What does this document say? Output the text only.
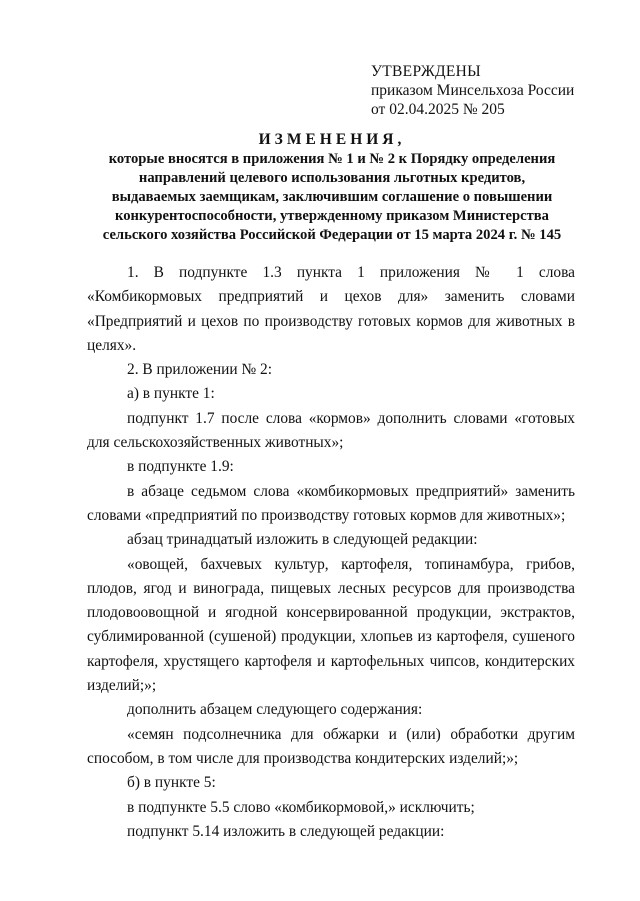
УТВЕРЖДЕНЫ
приказом Минсельхоза России
от 02.04.2025 № 205
ИЗМЕНЕНИЯ,
которые вносятся в приложения № 1 и № 2 к Порядку определения
направлений целевого использования льготных кредитов,
выдаваемых заемщикам, заключившим соглашение о повышении
конкурентоспособности, утвержденному приказом Министерства
сельского хозяйства Российской Федерации от 15 марта 2024 г. № 145

1. В подпункте 1.3 пункта 1 приложения № 1 слова «Комбикормовых предприятий и цехов для» заменить словами «Предприятий и цехов по производству готовых кормов для животных в целях».

2. В приложении № 2:

а) в пункте 1:

подпункт 1.7 после слова «кормов» дополнить словами «готовых для сельскохозяйственных животных»;

в подпункте 1.9:

в абзаце седьмом слова «комбикормовых предприятий» заменить словами «предприятий по производству готовых кормов для животных»;

абзац тринадцатый изложить в следующей редакции:

«овощей, бахчевых культур, картофеля, топинамбура, грибов, плодов, ягод и винограда, пищевых лесных ресурсов для производства плодовоовощной и ягодной консервированной продукции, экстрактов, сублимированной (сушеной) продукции, хлопьев из картофеля, сушеного картофеля, хрустящего картофеля и картофельных чипсов, кондитерских изделий;»;

дополнить абзацем следующего содержания:

«семян подсолнечника для обжарки и (или) обработки другим способом, в том числе для производства кондитерских изделий;»;

б) в пункте 5:

в подпункте 5.5 слово «комбикормовой,» исключить;

подпункт 5.14 изложить в следующей редакции:
